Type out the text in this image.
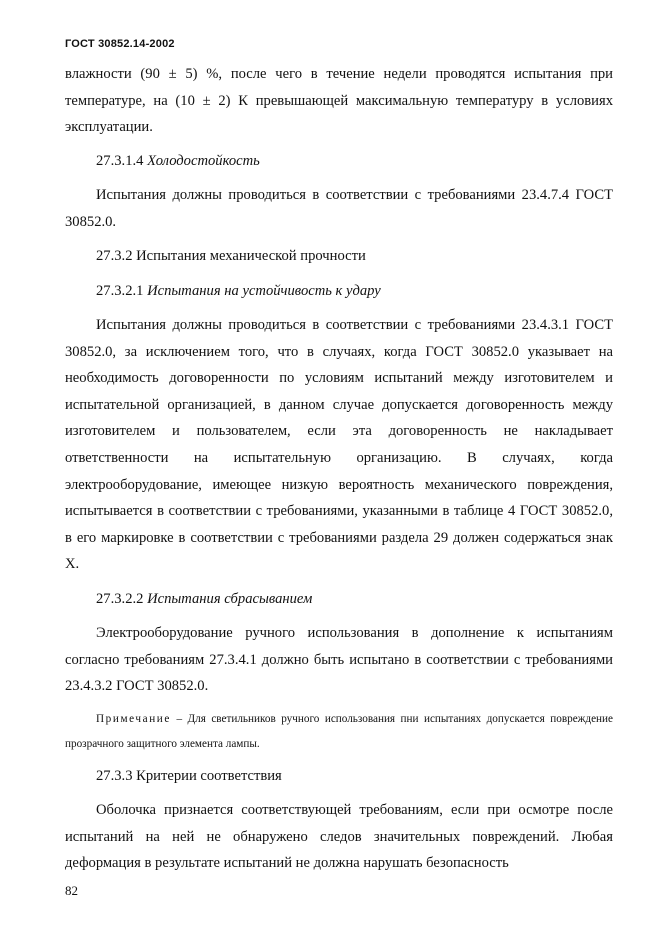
ГОСТ 30852.14-2002

влажности (90 ± 5) %, после чего в течение недели проводятся испытания при температуре, на (10 ± 2) К превышающей максимальную температуру в условиях эксплуатации.

27.3.1.4 Холодостойкость

Испытания должны проводиться в соответствии с требованиями 23.4.7.4 ГОСТ 30852.0.

27.3.2 Испытания механической прочности
27.3.2.1 Испытания на устойчивость к удару

Испытания должны проводиться в соответствии с требованиями 23.4.3.1 ГОСТ 30852.0, за исключением того, что в случаях, когда ГОСТ 30852.0 указывает на необходимость договоренности по условиям испытаний между изготовителем и испытательной организацией, в данном случае допускается договоренность между изготовителем и пользователем, если эта договоренность не накладывает ответственности на испытательную организацию. В случаях, когда электрооборудование, имеющее низкую вероятность механического повреждения, испытывается в соответствии с требованиями, указанными в таблице 4 ГОСТ 30852.0, в его маркировке в соответствии с требованиями раздела 29 должен содержаться знак X.

27.3.2.2 Испытания сбрасыванием

Электрооборудование ручного использования в дополнение к испытаниям согласно требованиям 27.3.4.1 должно быть испытано в соответствии с требованиями 23.4.3.2 ГОСТ 30852.0.

Примечание – Для светильников ручного использования пни испытаниях допускается повреждение прозрачного защитного элемента лампы.

27.3.3 Критерии соответствия

Оболочка признается соответствующей требованиям, если при осмотре после испытаний на ней не обнаружено следов значительных повреждений. Любая деформация в результате испытаний не должна нарушать безопасность

82
